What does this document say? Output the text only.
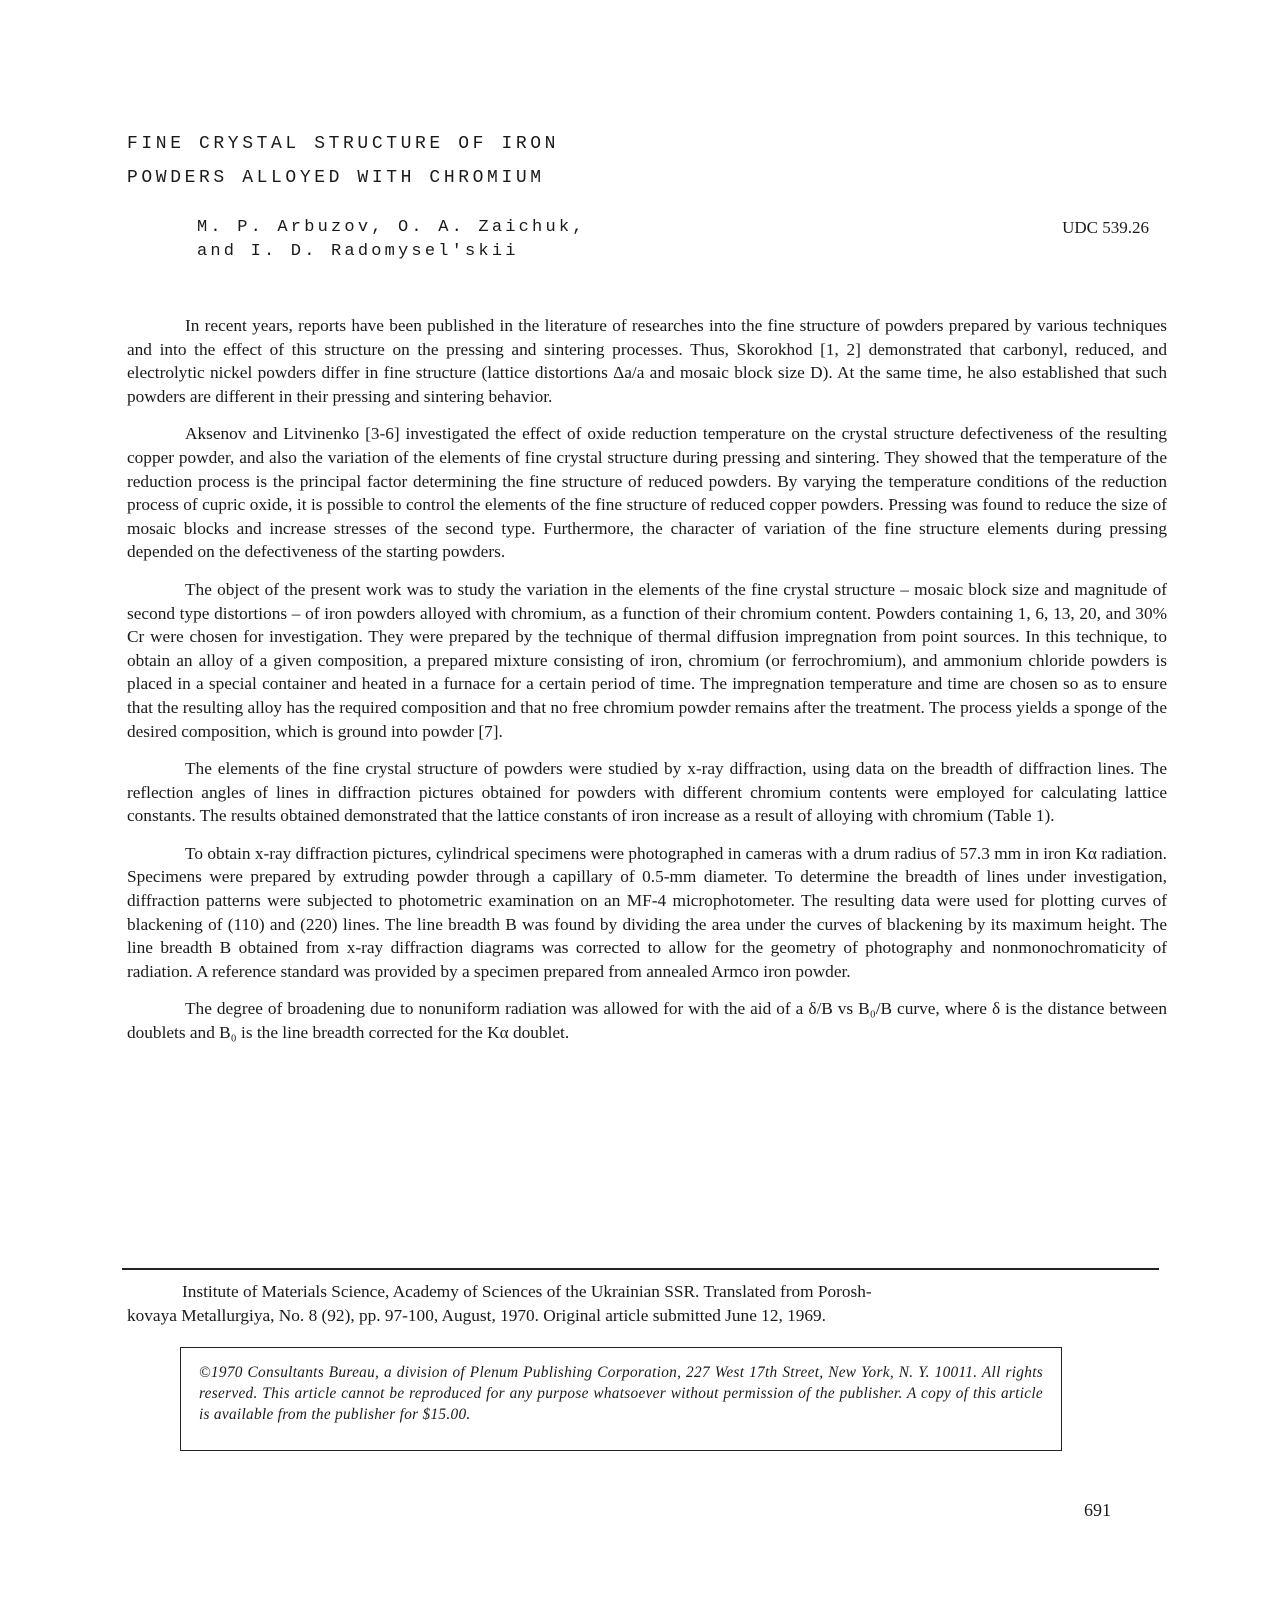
FINE CRYSTAL STRUCTURE OF IRON
POWDERS ALLOYED WITH CHROMIUM
M. P. Arbuzov, O. A. Zaichuk,
and I. D. Radomysel'skii
UDC 539.26

In recent years, reports have been published in the literature of researches into the fine structure of powders prepared by various techniques and into the effect of this structure on the pressing and sintering processes. Thus, Skorokhod [1, 2] demonstrated that carbonyl, reduced, and electrolytic nickel powders differ in fine structure (lattice distortions Δa/a and mosaic block size D). At the same time, he also established that such powders are different in their pressing and sintering behavior.

Aksenov and Litvinenko [3-6] investigated the effect of oxide reduction temperature on the crystal structure defectiveness of the resulting copper powder, and also the variation of the elements of fine crystal structure during pressing and sintering. They showed that the temperature of the reduction process is the principal factor determining the fine structure of reduced powders. By varying the temperature conditions of the reduction process of cupric oxide, it is possible to control the elements of the fine structure of reduced copper powders. Pressing was found to reduce the size of mosaic blocks and increase stresses of the second type. Furthermore, the character of variation of the fine structure elements during pressing depended on the defectiveness of the starting powders.

The object of the present work was to study the variation in the elements of the fine crystal structure – mosaic block size and magnitude of second type distortions – of iron powders alloyed with chromium, as a function of their chromium content. Powders containing 1, 6, 13, 20, and 30% Cr were chosen for investigation. They were prepared by the technique of thermal diffusion impregnation from point sources. In this technique, to obtain an alloy of a given composition, a prepared mixture consisting of iron, chromium (or ferrochromium), and ammonium chloride powders is placed in a special container and heated in a furnace for a certain period of time. The impregnation temperature and time are chosen so as to ensure that the resulting alloy has the required composition and that no free chromium powder remains after the treatment. The process yields a sponge of the desired composition, which is ground into powder [7].

The elements of the fine crystal structure of powders were studied by x-ray diffraction, using data on the breadth of diffraction lines. The reflection angles of lines in diffraction pictures obtained for powders with different chromium contents were employed for calculating lattice constants. The results obtained demonstrated that the lattice constants of iron increase as a result of alloying with chromium (Table 1).

To obtain x-ray diffraction pictures, cylindrical specimens were photographed in cameras with a drum radius of 57.3 mm in iron Kα radiation. Specimens were prepared by extruding powder through a capillary of 0.5-mm diameter. To determine the breadth of lines under investigation, diffraction patterns were subjected to photometric examination on an MF-4 microphotometer. The resulting data were used for plotting curves of blackening of (110) and (220) lines. The line breadth B was found by dividing the area under the curves of blackening by its maximum height. The line breadth B obtained from x-ray diffraction diagrams was corrected to allow for the geometry of photography and nonmonochromaticity of radiation. A reference standard was provided by a specimen prepared from annealed Armco iron powder.

The degree of broadening due to nonuniform radiation was allowed for with the aid of a δ/B vs B₀/B curve, where δ is the distance between doublets and B₀ is the line breadth corrected for the Kα doublet.

Institute of Materials Science, Academy of Sciences of the Ukrainian SSR. Translated from Porosh-
kovaya Metallurgiya, No. 8 (92), pp. 97-100, August, 1970. Original article submitted June 12, 1969.
©1970 Consultants Bureau, a division of Plenum Publishing Corporation, 227 West 17th Street, New York, N. Y. 10011. All rights reserved. This article cannot be reproduced for any purpose whatsoever without permission of the publisher. A copy of this article is available from the publisher for $15.00.
691
